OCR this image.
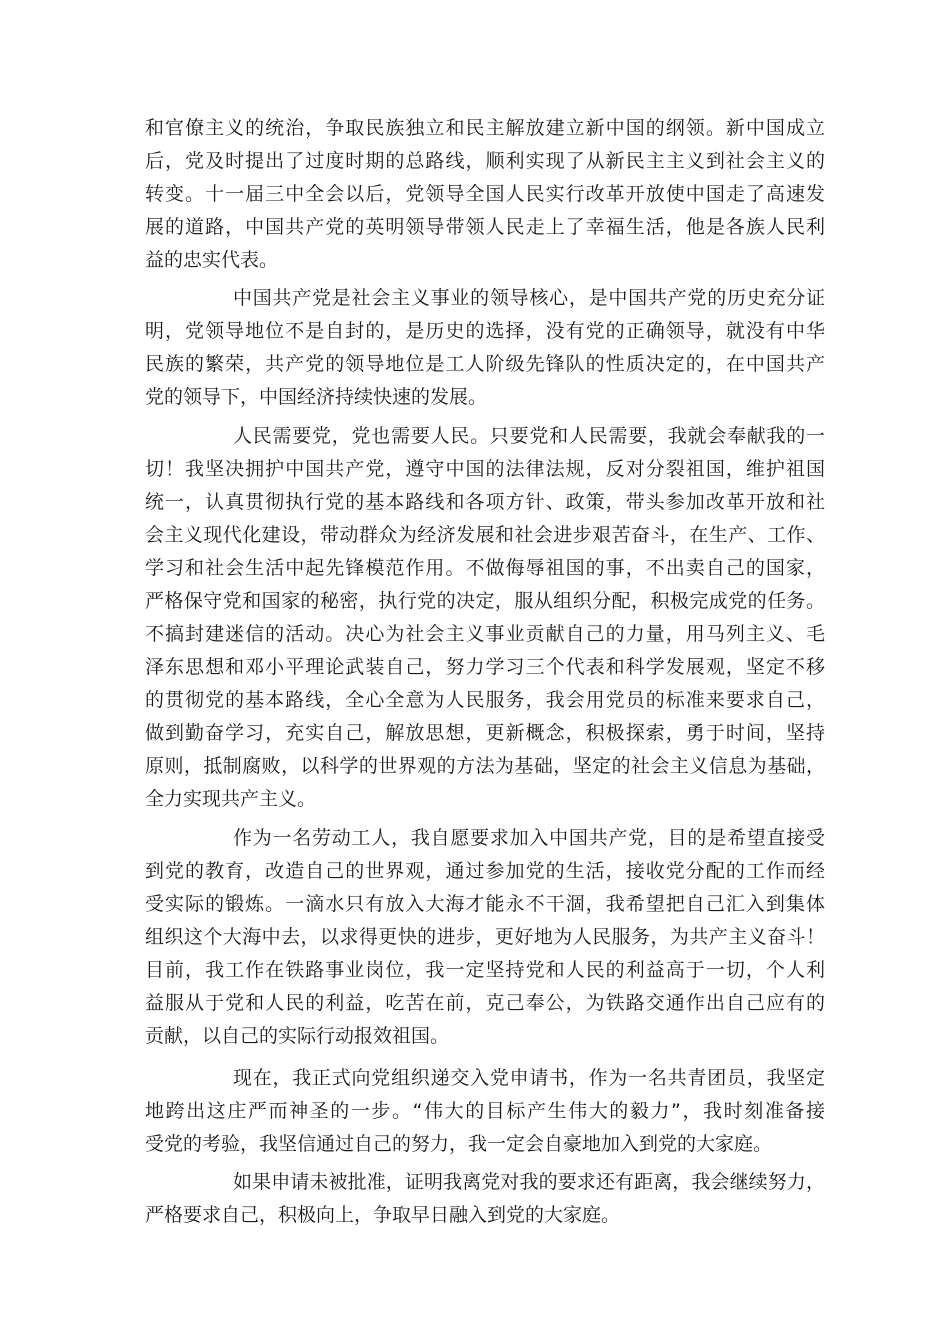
和官僚主义的统治，争取民族独立和民主解放建立新中国的纲领。新中国成立
后，党及时提出了过度时期的总路线，顺利实现了从新民主主义到社会主义的
转变。十一届三中全会以后，党领导全国人民实行改革开放使中国走了高速发
展的道路，中国共产党的英明领导带领人民走上了幸福生活，他是各族人民利
益的忠实代表。
中国共产党是社会主义事业的领导核心，是中国共产党的历史充分证
明，党领导地位不是自封的，是历史的选择，没有党的正确领导，就没有中华
民族的繁荣，共产党的领导地位是工人阶级先锋队的性质决定的，在中国共产
党的领导下，中国经济持续快速的发展。
人民需要党，党也需要人民。只要党和人民需要，我就会奉献我的一
切！我坚决拥护中国共产党，遵守中国的法律法规，反对分裂祖国，维护祖国
统一，认真贯彻执行党的基本路线和各项方针、政策，带头参加改革开放和社
会主义现代化建设，带动群众为经济发展和社会进步艰苦奋斗，在生产、工作、
学习和社会生活中起先锋模范作用。不做侮辱祖国的事，不出卖自己的国家，
严格保守党和国家的秘密，执行党的决定，服从组织分配，积极完成党的任务。
不搞封建迷信的活动。决心为社会主义事业贡献自己的力量，用马列主义、毛
泽东思想和邓小平理论武装自己，努力学习三个代表和科学发展观，坚定不移
的贯彻党的基本路线，全心全意为人民服务，我会用党员的标准来要求自己，
做到勤奋学习，充实自己，解放思想，更新概念，积极探索，勇于时间，坚持
原则，抵制腐败，以科学的世界观的方法为基础，坚定的社会主义信息为基础，
全力实现共产主义。
作为一名劳动工人，我自愿要求加入中国共产党，目的是希望直接受
到党的教育，改造自己的世界观，通过参加党的生活，接收党分配的工作而经
受实际的锻炼。一滴水只有放入大海才能永不干涸，我希望把自己汇入到集体
组织这个大海中去，以求得更快的进步，更好地为人民服务，为共产主义奋斗！
目前，我工作在铁路事业岗位，我一定坚持党和人民的利益高于一切，个人利
益服从于党和人民的利益，吃苦在前，克己奉公，为铁路交通作出自己应有的
贡献，以自己的实际行动报效祖国。
现在，我正式向党组织递交入党申请书，作为一名共青团员，我坚定
地跨出这庄严而神圣的一步。“伟大的目标产生伟大的毅力”，我时刻准备接
受党的考验，我坚信通过自己的努力，我一定会自豪地加入到党的大家庭。
如果申请未被批准，证明我离党对我的要求还有距离，我会继续努力，
严格要求自己，积极向上，争取早日融入到党的大家庭。
